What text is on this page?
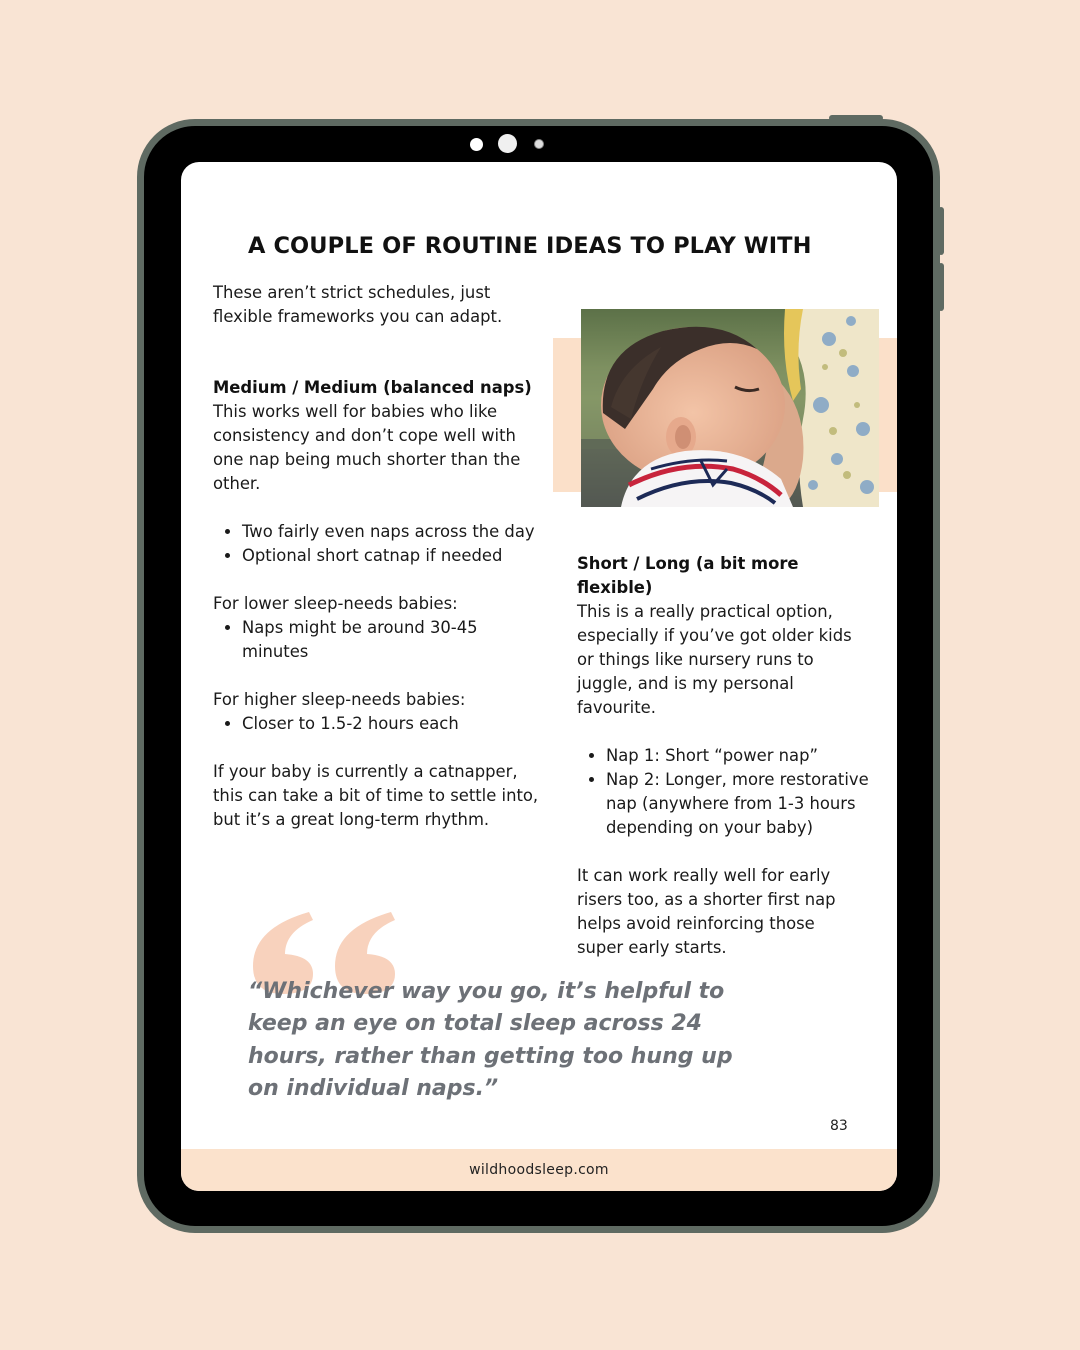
A COUPLE OF ROUTINE IDEAS TO PLAY WITH

These aren’t strict schedules, just flexible frameworks you can adapt.

Medium / Medium (balanced naps)

This works well for babies who like consistency and don’t cope well with one nap being much shorter than the other.

• Two fairly even naps across the day
• Optional short catnap if needed

For lower sleep-needs babies:

• Naps might be around 30-45 minutes

For higher sleep-needs babies:

• Closer to 1.5-2 hours each

If your baby is currently a catnapper, this can take a bit of time to settle into, but it’s a great long-term rhythm.

Short / Long (a bit more flexible)

This is a really practical option, especially if you’ve got older kids or things like nursery runs to juggle, and is my personal favourite.

• Nap 1: Short “power nap”
• Nap 2: Longer, more restorative nap (anywhere from 1-3 hours depending on your baby)

It can work really well for early risers too, as a shorter first nap helps avoid reinforcing those super early starts.

“Whichever way you go, it’s helpful to keep an eye on total sleep across 24 hours, rather than getting too hung up on individual naps.”

83
wildhoodsleep.com
